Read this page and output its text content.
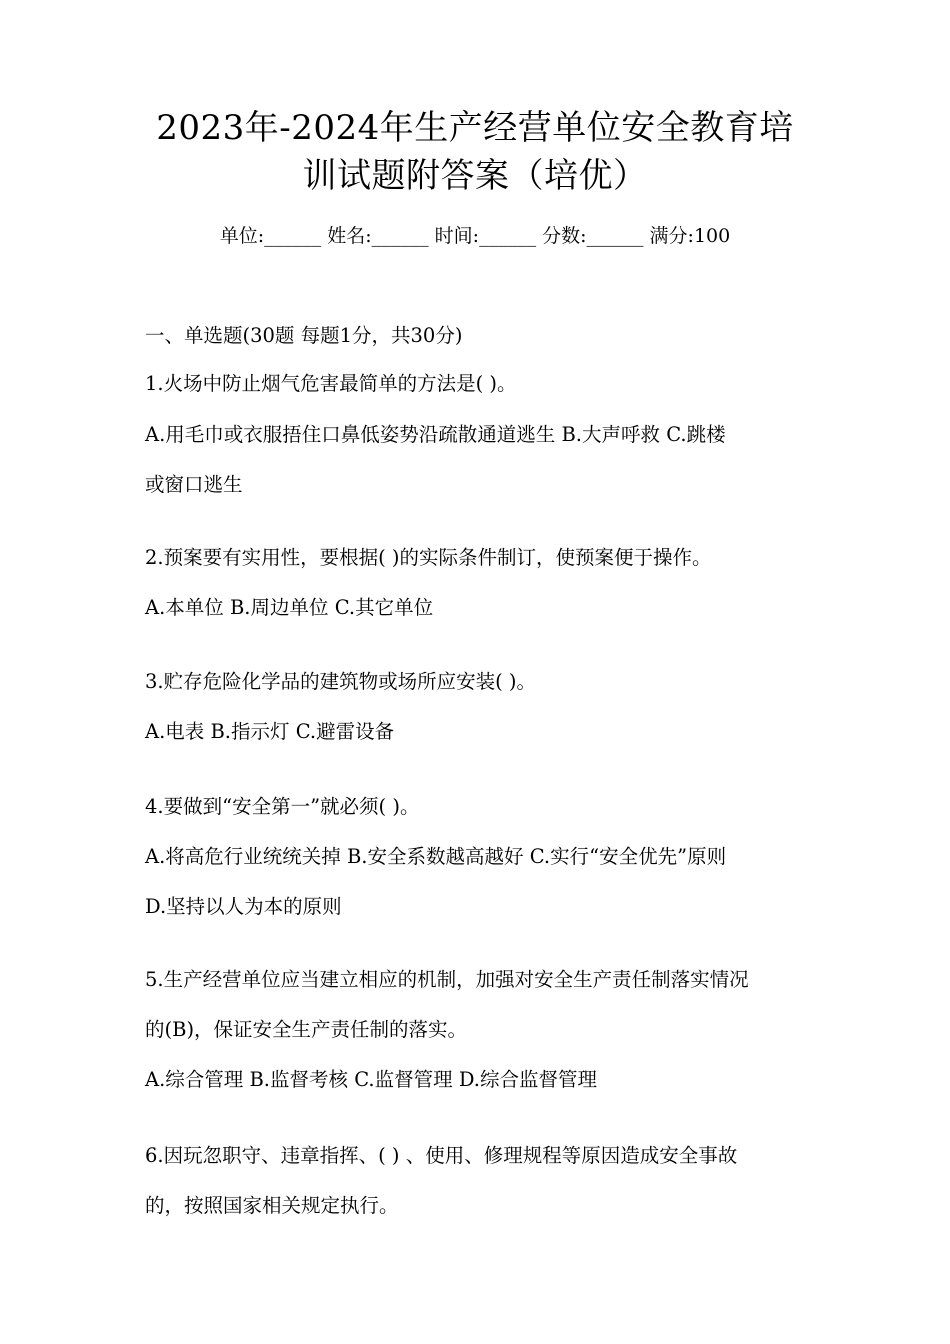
2023年-2024年生产经营单位安全教育培
训试题附答案（培优）
单位:______ 姓名:______ 时间:______ 分数:______ 满分:100
一、单选题(30题 每题1分，共30分)
1.火场中防止烟气危害最简单的方法是( )。
A.用毛巾或衣服捂住口鼻低姿势沿疏散通道逃生 B.大声呼救 C.跳楼
或窗口逃生
2.预案要有实用性，要根据( )的实际条件制订，使预案便于操作。
A.本单位 B.周边单位 C.其它单位
3.贮存危险化学品的建筑物或场所应安装( )。
A.电表 B.指示灯 C.避雷设备
4.要做到“安全第一”就必须( )。
A.将高危行业统统关掉 B.安全系数越高越好 C.实行“安全优先”原则
D.坚持以人为本的原则
5.生产经营单位应当建立相应的机制，加强对安全生产责任制落实情况
的(B)，保证安全生产责任制的落实。
A.综合管理 B.监督考核 C.监督管理 D.综合监督管理
6.因玩忽职守、违章指挥、( ) 、使用、修理规程等原因造成安全事故
的，按照国家相关规定执行。
